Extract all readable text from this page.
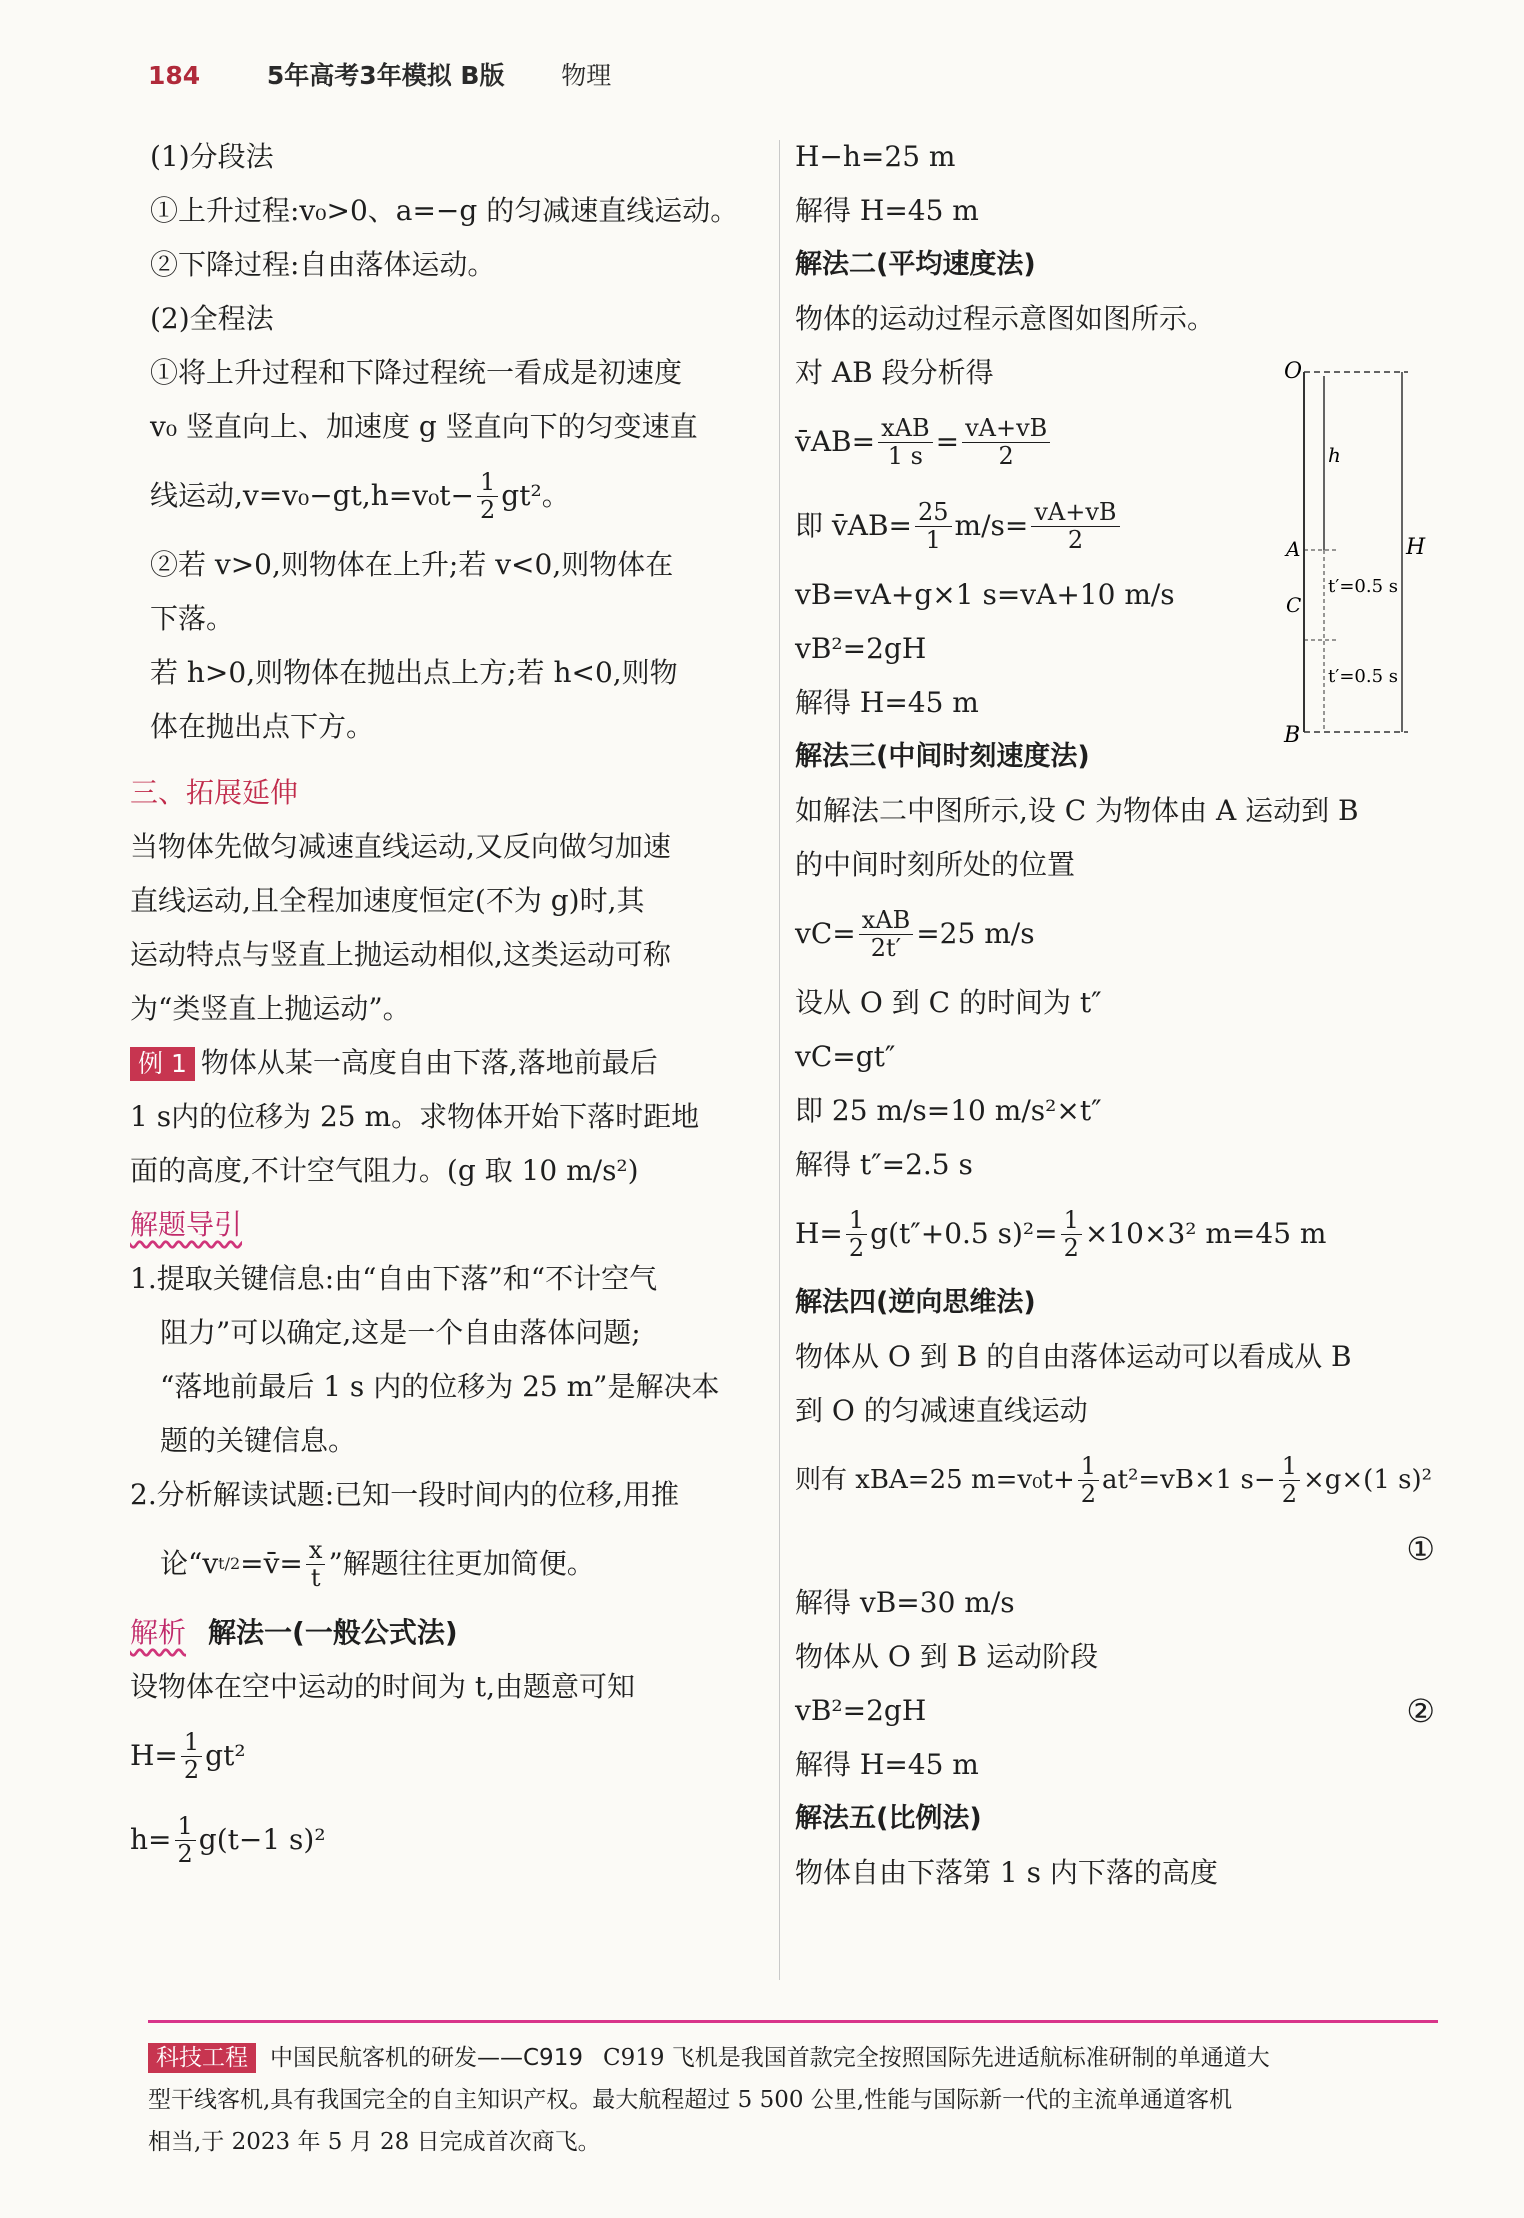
184	5年高考3年模拟 B版 物理

(1)分段法

①上升过程:v₀>0、a=−g 的匀减速直线运动。

②下降过程:自由落体运动。

(2)全程法

①将上升过程和下降过程统一看成是初速度

v₀ 竖直向上、加速度 g 竖直向下的匀变速直

线运动$,v=v_0-gt,h=v_0t- \frac{1}{2} gt^2$。

②若 v>0,则物体在上升;若 v<0,则物体在

下落。

若 h>0,则物体在抛出点上方;若 h<0,则物

体在抛出点下方。

三、拓展延伸

当物体先做匀减速直线运动,又反向做匀加速

直线运动,且全程加速度恒定(不为 g)时,其

运动特点与竖直上抛运动相似,这类运动可称

为“类竖直上抛运动”。

例 1 物体从某一高度自由下落,落地前最后

1 s内的位移为 25 m。求物体开始下落时距地

面的高度,不计空气阻力。(g 取 10 m/s²)

解题导引

1.提取关键信息:由“自由下落”和“不计空气

阻力”可以确定,这是一个自由落体问题;

“落地前最后 1 s 内的位移为 25 m”是解决本

题的关键信息。

2.分析解读试题:已知一段时间内的位移,用推

论“v t/2 =v̄= $\frac{x}{t}$ ”解题往往更加简便。

解析 解法一(一般公式法)

设物体在空中运动的时间为 t,由题意可知

$H= \frac{1}{2} gt^2$
$h= \frac{1}{2} g(t-1$ s)²

H−h=25 m

解得 H=45 m

解法二(平均速度法)

物体的运动过程示意图如图所示。

对 AB 段分析得

v̄AB= $\frac{\text{xAB}}{1 s} = \frac{vA+vB}{2}$
即 v̄AB= $\frac{25}{1} m/s= \frac{vA+vB}{2}$

vB=vA+g×1 s=vA+10 m/s

vB²=2gH

解得 H=45 m

解法三(中间时刻速度法)

如解法二中图所示,设 C 为物体由 A 运动到 B

的中间时刻所处的位置

$vC= \frac{\text{xAB}}{2t'} =25$ m/s

设从 O 到 C 的时间为 t″

vC=gt″

即 25 m/s=10 m/s²×t″

解得 t″=2.5 s

$H= \frac{1}{2} g(t''+0.5$ $s)^2= \frac{1}{2} \times 10\times 3^2$ m=45 m

解法四(逆向思维法)

物体从 O 到 B 的自由落体运动可以看成从 B

到 O 的匀减速直线运动

则有 xBA=25 $m=v_0t+ \frac{1}{2} at^2=vB\times 1$ $s- \frac{1}{2} \times g\times(1$ s)²

①

解得 vB=30 m/s

物体从 O 到 B 运动阶段

vB²=2gH	②

解得 H=45 m

解法五(比例法)

物体自由下落第 1 s 内下落的高度

O
h
A
C
B
H
t′=0.5 s
t′=0.5 s

科技工程 中国民航客机的研发——C919 C919 飞机是我国首款完全按照国际先进适航标准研制的单通道大

型干线客机,具有我国完全的自主知识产权。最大航程超过 5 500 公里,性能与国际新一代的主流单通道客机

相当,于 2023 年 5 月 28 日完成首次商飞。
